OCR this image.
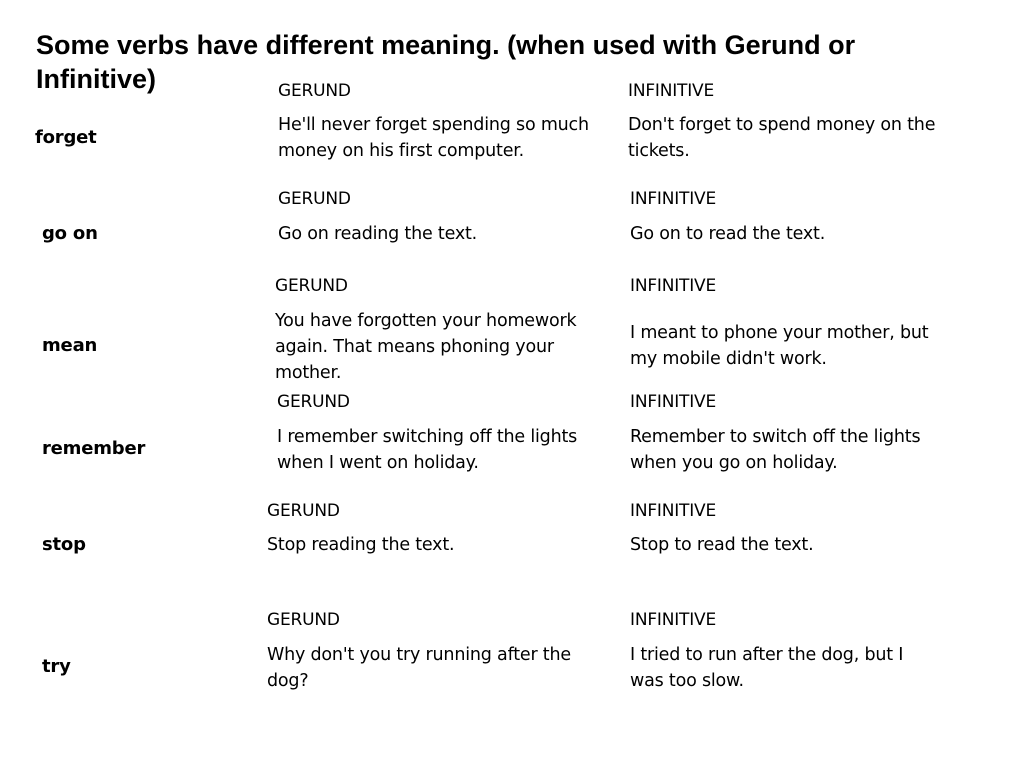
Some verbs have different meaning. (when used with Gerund or Infinitive)
forget
GERUND	INFINITIVE
He'll never forget spending so much money on his first computer.
Don't forget to spend money on the tickets.
go on
GERUND	INFINITIVE
Go on reading the text.	Go on to read the text.
mean
GERUND	INFINITIVE
You have forgotten your homework again. That means phoning your mother.
I meant to phone your mother, but my mobile didn't work.
remember
GERUND	INFINITIVE
I remember switching off the lights when I went on holiday.
Remember to switch off the lights when you go on holiday.
stop
GERUND	INFINITIVE
Stop reading the text.	Stop to read the text.
try
GERUND	INFINITIVE
Why don't you try running after the dog?
I tried to run after the dog, but I was too slow.
